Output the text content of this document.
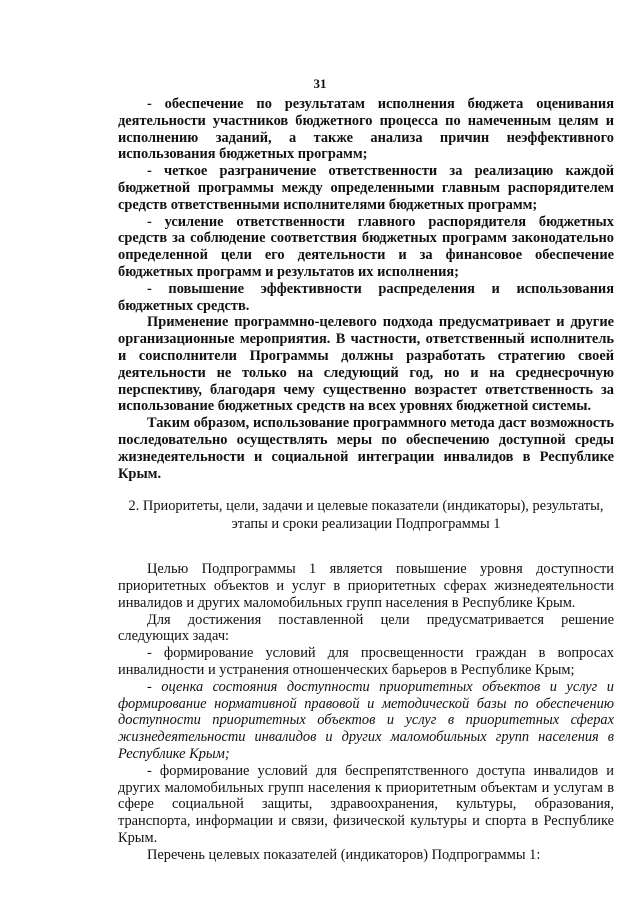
31

- обеспечение по результатам исполнения бюджета оценивания деятельности участников бюджетного процесса по намеченным целям и исполнению заданий, а также анализа причин неэффективного использования бюджетных программ;

- четкое разграничение ответственности за реализацию каждой бюджетной программы между определенными главным распорядителем средств ответственными исполнителями бюджетных программ;

- усиление ответственности главного распорядителя бюджетных средств за соблюдение соответствия бюджетных программ законодательно определенной цели его деятельности и за финансовое обеспечение бюджетных программ и результатов их исполнения;

- повышение эффективности распределения и использования бюджетных средств.

Применение программно-целевого подхода предусматривает и другие организационные мероприятия. В частности, ответственный исполнитель и соисполнители Программы должны разработать стратегию своей деятельности не только на следующий год, но и на среднесрочную перспективу, благодаря чему существенно возрастет ответственность за использование бюджетных средств на всех уровнях бюджетной системы.

Таким образом, использование программного метода даст возможность последовательно осуществлять меры по обеспечению доступной среды жизнедеятельности и социальной интеграции инвалидов в Республике Крым.

2. Приоритеты, цели, задачи и целевые показатели (индикаторы), результаты,
этапы и сроки реализации Подпрограммы 1

Целью Подпрограммы 1 является повышение уровня доступности приоритетных объектов и услуг в приоритетных сферах жизнедеятельности инвалидов и других маломобильных групп населения в Республике Крым.

Для достижения поставленной цели предусматривается решение следующих задач:

- формирование условий для просвещенности граждан в вопросах инвалидности и устранения отношенческих барьеров в Республике Крым;

- оценка состояния доступности приоритетных объектов и услуг и формирование нормативной правовой и методической базы по обеспечению доступности приоритетных объектов и услуг в приоритетных сферах жизнедеятельности инвалидов и других маломобильных групп населения в Республике Крым;

- формирование условий для беспрепятственного доступа инвалидов и других маломобильных групп населения к приоритетным объектам и услугам в сфере социальной защиты, здравоохранения, культуры, образования, транспорта, информации и связи, физической культуры и спорта в Республике Крым.

Перечень целевых показателей (индикаторов) Подпрограммы 1:
